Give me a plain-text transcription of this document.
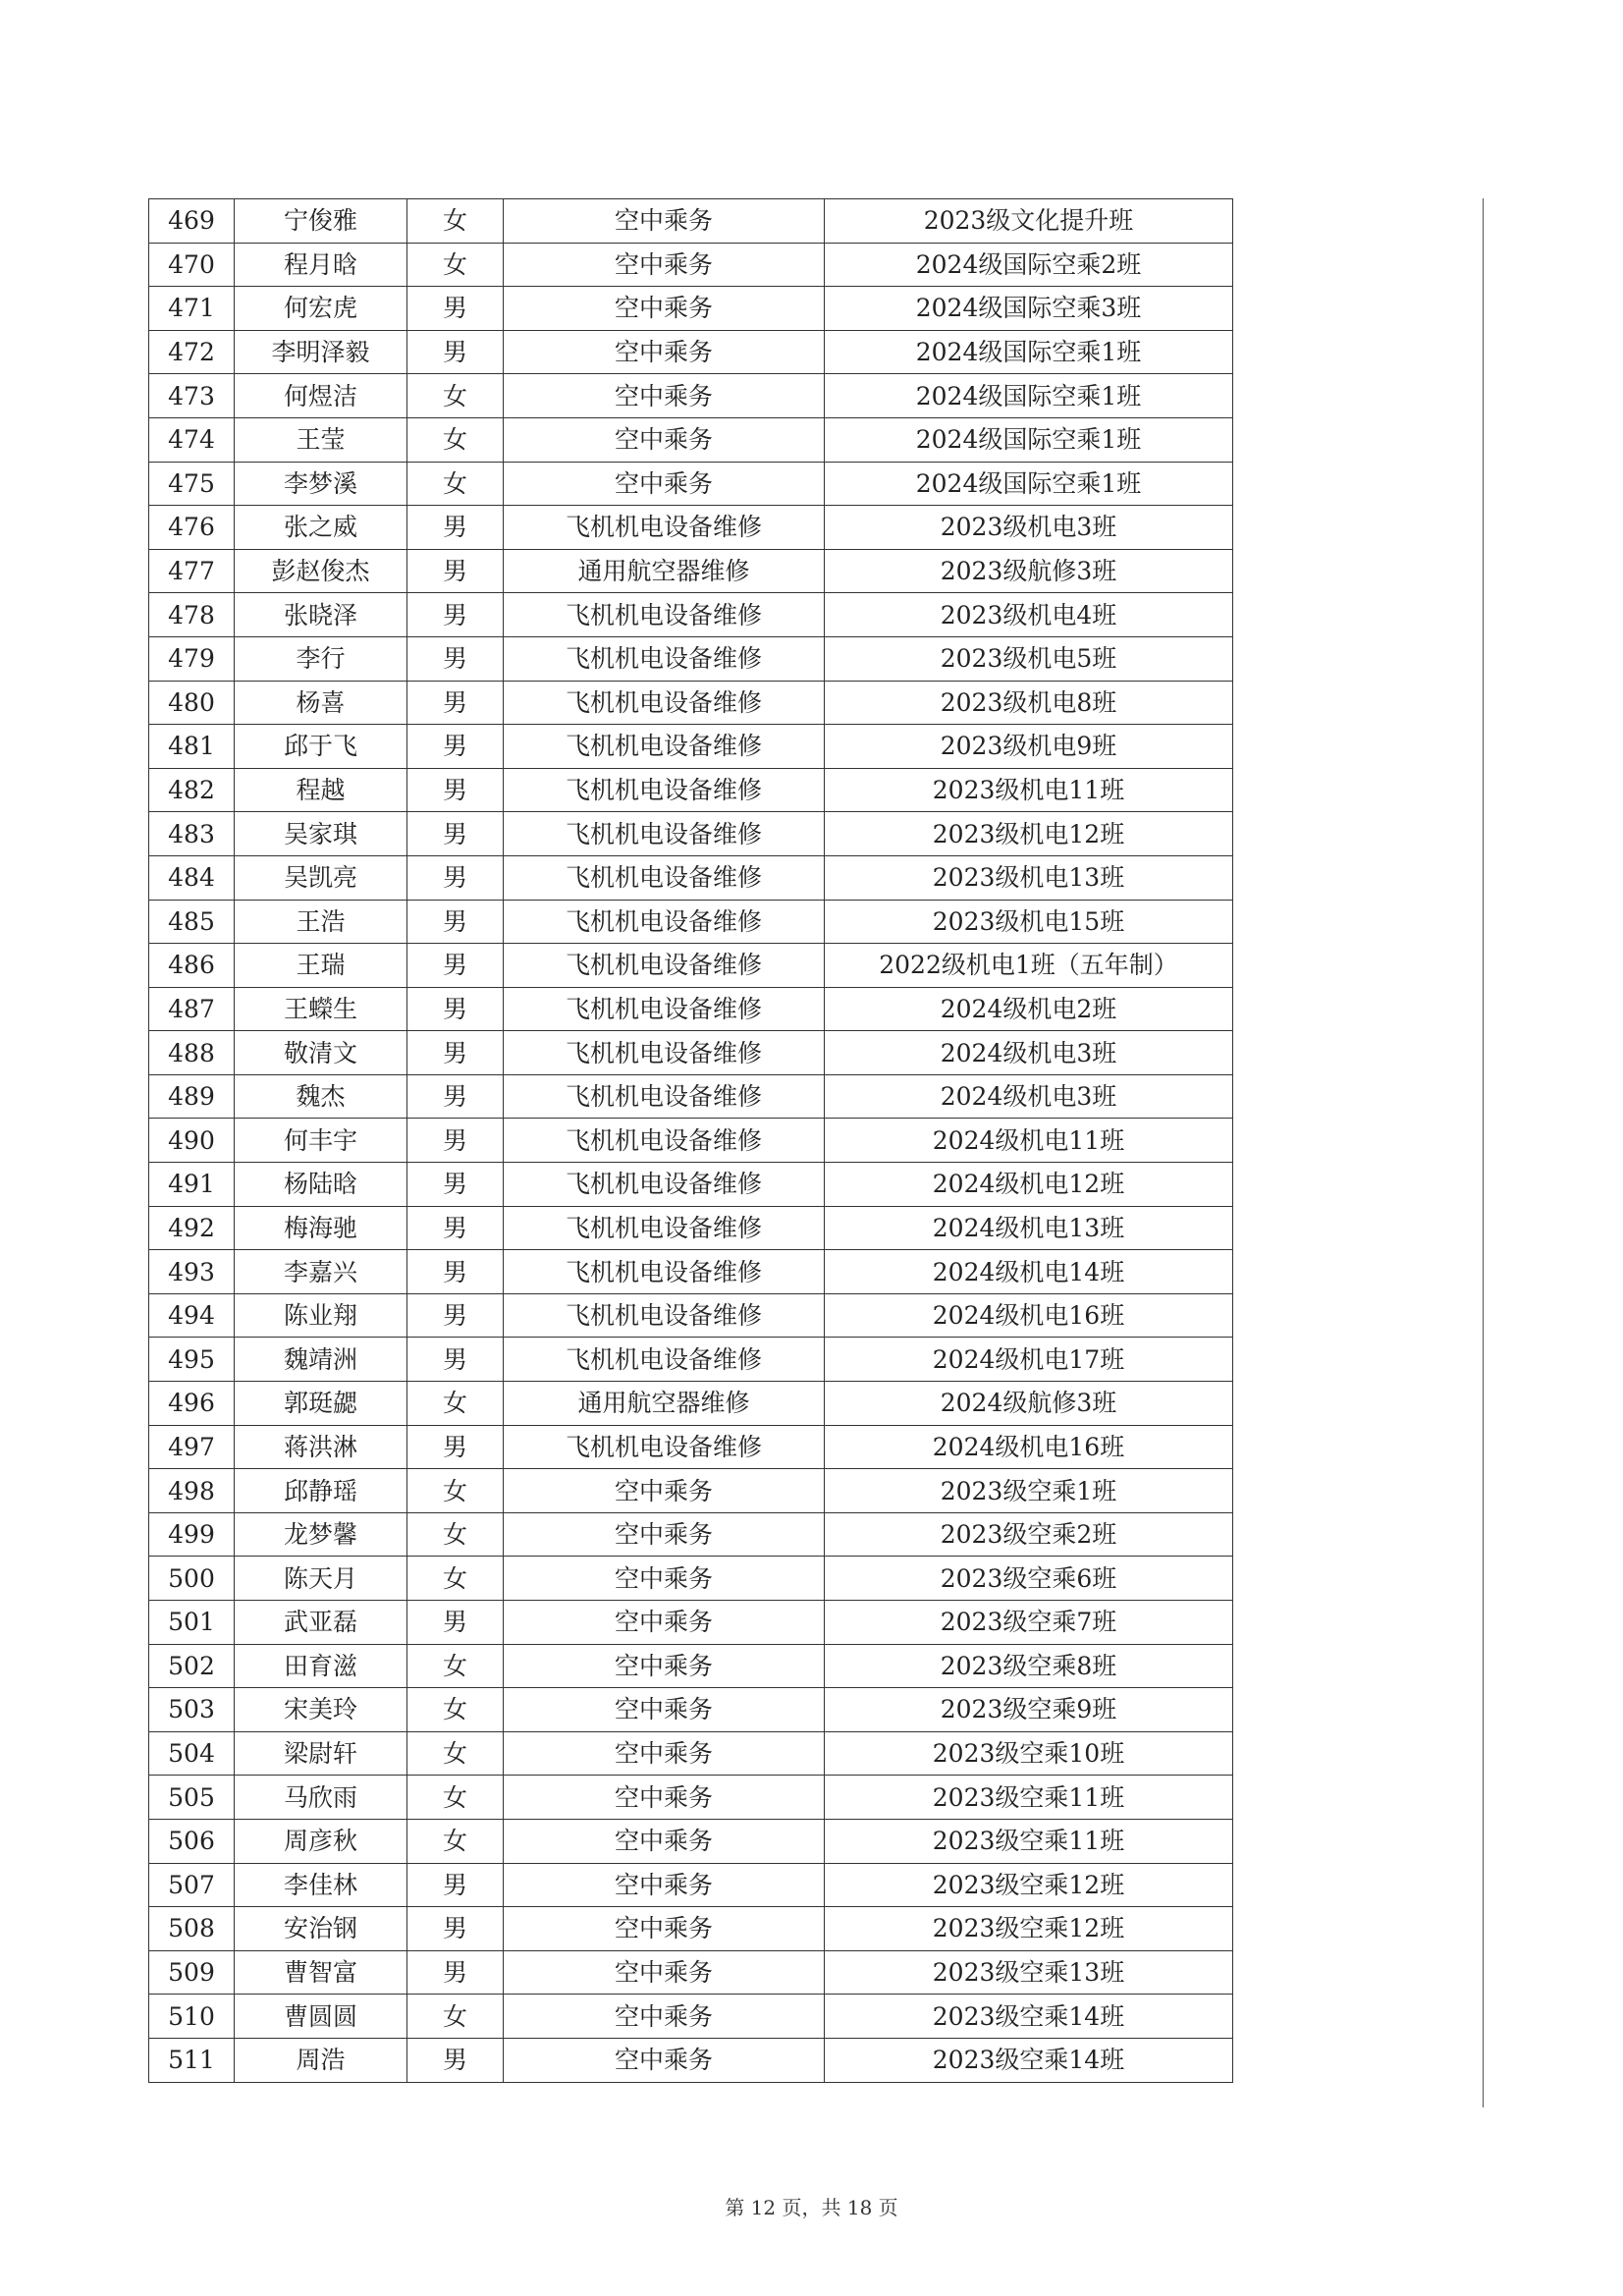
469	宁俊雅	女	空中乘务	2023级文化提升班
470	程月晗	女	空中乘务	2024级国际空乘2班
471	何宏虎	男	空中乘务	2024级国际空乘3班
472	李明泽毅	男	空中乘务	2024级国际空乘1班
473	何煜洁	女	空中乘务	2024级国际空乘1班
474	王莹	女	空中乘务	2024级国际空乘1班
475	李梦溪	女	空中乘务	2024级国际空乘1班
476	张之威	男	飞机机电设备维修	2023级机电3班
477	彭赵俊杰	男	通用航空器维修	2023级航修3班
478	张晓泽	男	飞机机电设备维修	2023级机电4班
479	李行	男	飞机机电设备维修	2023级机电5班
480	杨喜	男	飞机机电设备维修	2023级机电8班
481	邱于飞	男	飞机机电设备维修	2023级机电9班
482	程越	男	飞机机电设备维修	2023级机电11班
483	吴家琪	男	飞机机电设备维修	2023级机电12班
484	吴凯亮	男	飞机机电设备维修	2023级机电13班
485	王浩	男	飞机机电设备维修	2023级机电15班
486	王瑞	男	飞机机电设备维修	2022级机电1班（五年制）
487	王蠑生	男	飞机机电设备维修	2024级机电2班
488	敬清文	男	飞机机电设备维修	2024级机电3班
489	魏杰	男	飞机机电设备维修	2024级机电3班
490	何丰宇	男	飞机机电设备维修	2024级机电11班
491	杨陆晗	男	飞机机电设备维修	2024级机电12班
492	梅海驰	男	飞机机电设备维修	2024级机电13班
493	李嘉兴	男	飞机机电设备维修	2024级机电14班
494	陈业翔	男	飞机机电设备维修	2024级机电16班
495	魏靖洲	男	飞机机电设备维修	2024级机电17班
496	郭珽勰	女	通用航空器维修	2024级航修3班
497	蒋洪淋	男	飞机机电设备维修	2024级机电16班
498	邱静瑶	女	空中乘务	2023级空乘1班
499	龙梦馨	女	空中乘务	2023级空乘2班
500	陈天月	女	空中乘务	2023级空乘6班
501	武亚磊	男	空中乘务	2023级空乘7班
502	田育滋	女	空中乘务	2023级空乘8班
503	宋美玲	女	空中乘务	2023级空乘9班
504	梁尉轩	女	空中乘务	2023级空乘10班
505	马欣雨	女	空中乘务	2023级空乘11班
506	周彦秋	女	空中乘务	2023级空乘11班
507	李佳林	男	空中乘务	2023级空乘12班
508	安治钢	男	空中乘务	2023级空乘12班
509	曹智富	男	空中乘务	2023级空乘13班
510	曹圆圆	女	空中乘务	2023级空乘14班
511	周浩	男	空中乘务	2023级空乘14班
第 12 页，共 18 页
